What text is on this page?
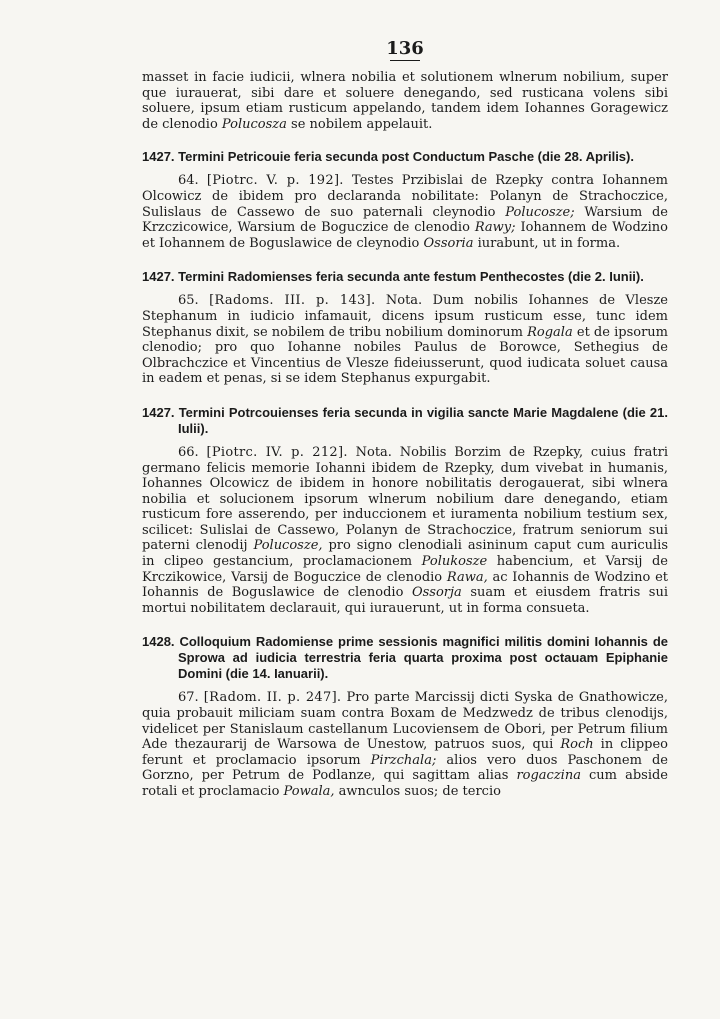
136

masset in facie iudicii, wlnera nobilia et solutionem wlnerum nobilium, super que iurauerat, sibi dare et soluere denegando, sed rusticana volens sibi soluere, ipsum etiam rusticum appelando, tandem idem Iohannes Goragewicz de clenodio Polucosza se nobilem appelauit.

1427. Termini Petricouie feria secunda post Conductum Pasche (die 28. Aprilis).

64. [Piotrc. V. p. 192]. Testes Przibislai de Rzepky contra Iohannem Olcowicz de ibidem pro declaranda nobilitate: Polanyn de Strachoczice, Sulislaus de Cassewo de suo paternali cleynodio Polucosze; Warsium de Krzczicowice, Warsium de Boguczice de clenodio Rawy; Iohannem de Wodzino et Iohannem de Boguslawice de cleynodio Ossoria iurabunt, ut in forma.

1427. Termini Radomienses feria secunda ante festum Penthecostes (die 2. Iunii).

65. [Radoms. III. p. 143]. Nota. Dum nobilis Iohannes de Vlesze Stephanum in iudicio infamauit, dicens ipsum rusticum esse, tunc idem Stephanus dixit, se nobilem de tribu nobilium dominorum Rogala et de ipsorum clenodio; pro quo Iohanne nobiles Paulus de Borowce, Sethegius de Olbrachczice et Vincentius de Vlesze fideiusserunt, quod iudicata soluet causa in eadem et penas, si se idem Stephanus expurgabit.

1427. Termini Potrcouienses feria secunda in vigilia sancte Marie Magdalene (die 21. Iulii).

66. [Piotrc. IV. p. 212]. Nota. Nobilis Borzim de Rzepky, cuius fratri germano felicis memorie Iohanni ibidem de Rzepky, dum vivebat in humanis, Iohannes Olcowicz de ibidem in honore nobilitatis derogauerat, sibi wlnera nobilia et solucionem ipsorum wlnerum nobilium dare denegando, etiam rusticum fore asserendo, per induccionem et iuramenta nobilium testium sex, scilicet: Sulislai de Cassewo, Polanyn de Strachoczice, fratrum seniorum sui paterni clenodij Polucosze, pro signo clenodiali asininum caput cum auriculis in clipeo gestancium, proclamacionem Polukosze habencium, et Varsij de Krczikowice, Varsij de Boguczice de clenodio Rawa, ac Iohannis de Wodzino et Iohannis de Boguslawice de clenodio Ossorja suam et eiusdem fratris sui mortui nobilitatem declarauit, qui iurauerunt, ut in forma consueta.

1428. Colloquium Radomiense prime sessionis magnifici militis domini Iohannis de Sprowa ad iudicia terrestria feria quarta proxima post octauam Epiphanie Domini (die 14. Ianuarii).

67. [Radom. II. p. 247]. Pro parte Marcissij dicti Syska de Gnathowicze, quia probauit miliciam suam contra Boxam de Medzwedz de tribus clenodijs, videlicet per Stanislaum castellanum Lucoviensem de Obori, per Petrum filium Ade thezaurarij de Warsowa de Unestow, patruos suos, qui Roch in clippeo ferunt et proclamacio ipsorum Pirzchala; alios vero duos Paschonem de Gorzno, per Petrum de Podlanze, qui sagittam alias rogaczina cum abside rotali et proclamacio Powala, awnculos suos; de tercio
